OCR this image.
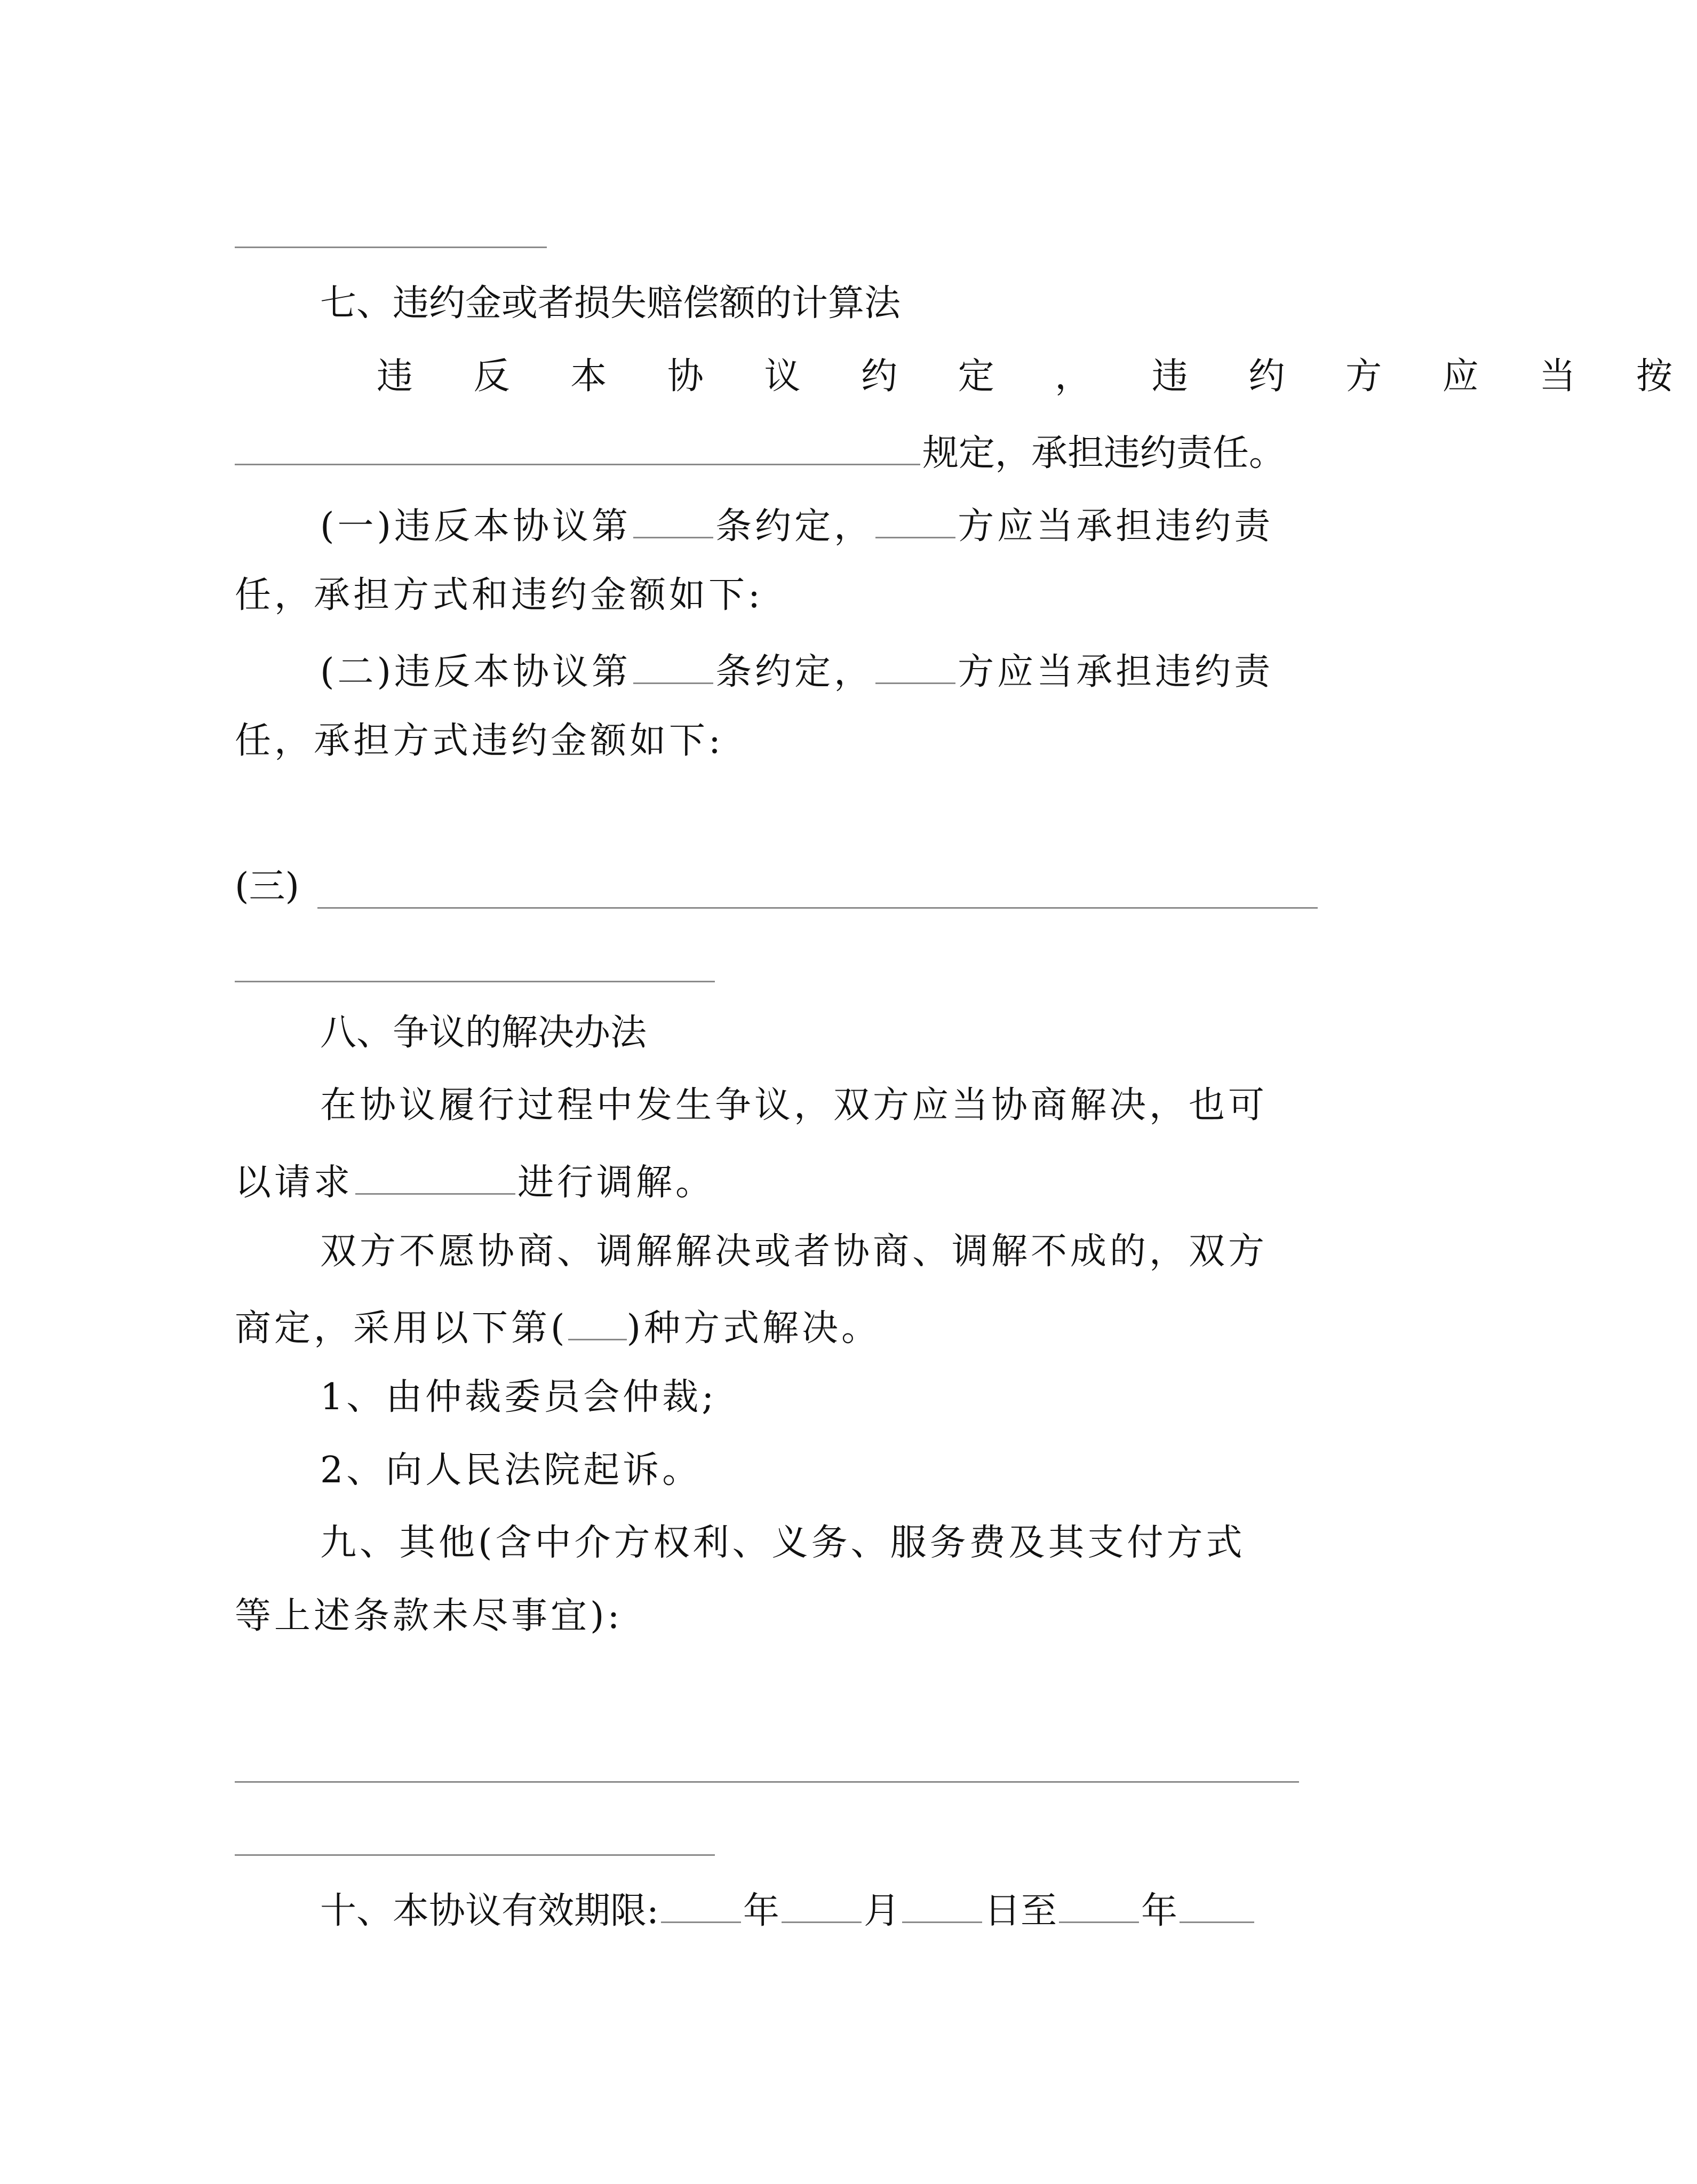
七、违约金或者损失赔偿额的计算法
违 反 本 协 议 约 定 ， 违 约 方 应 当 按
规定，承担违约责任。
(一)违反本协议第 条约定， 方应当承担违约责
任，承担方式和违约金额如下:
(二)违反本协议第 条约定， 方应当承担违约责
任，承担方式违约金额如下:
(三)
八、争议的解决办法
在协议履行过程中发生争议，双方应当协商解决，也可
以请求	进行调解。
双方不愿协商、调解解决或者协商、调解不成的，双方
商定，采用以下第( )种方式解决。
1、由仲裁委员会仲裁;
2、向人民法院起诉。
九、其他(含中介方权利、义务、服务费及其支付方式
等上述条款未尽事宜):
十、本协议有效期限: 年 月 日至 年
